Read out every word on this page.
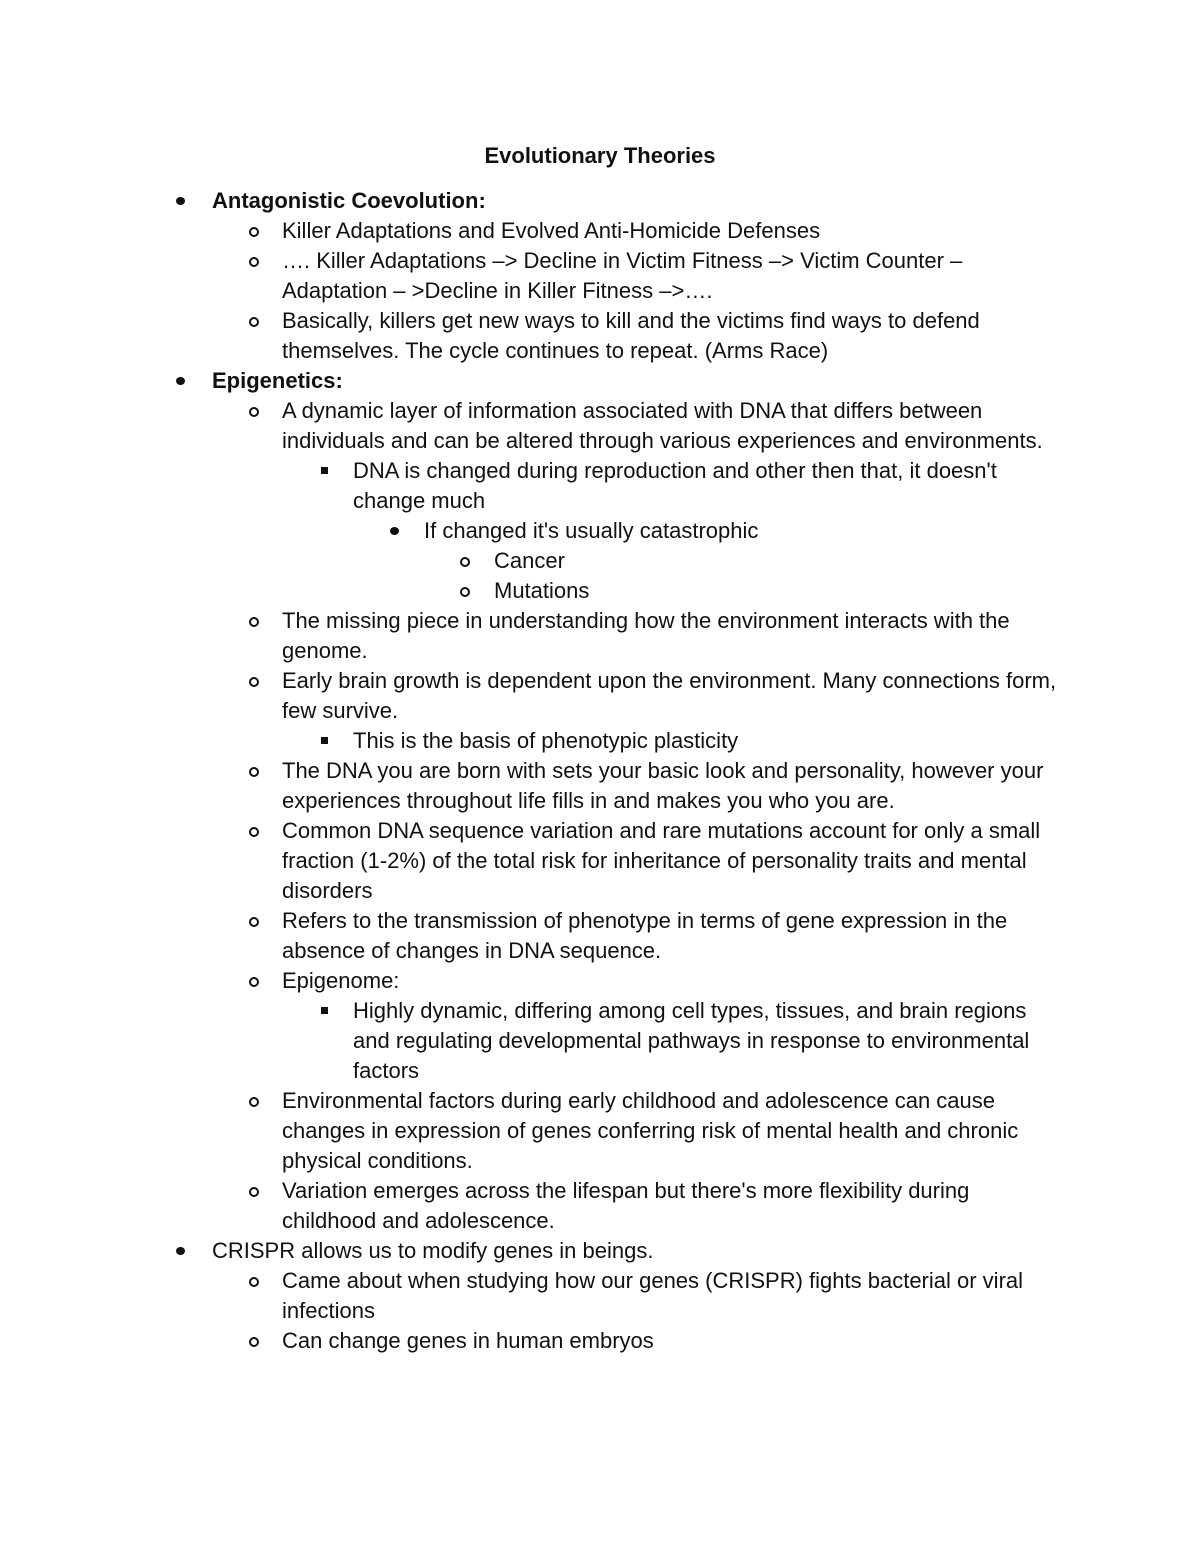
Evolutionary Theories
Antagonistic Coevolution:
Killer Adaptations and Evolved Anti-Homicide Defenses
…. Killer Adaptations –> Decline in Victim Fitness –> Victim Counter – Adaptation – >Decline in Killer Fitness –>….
Basically, killers get new ways to kill and the victims find ways to defend themselves. The cycle continues to repeat. (Arms Race)
Epigenetics:
A dynamic layer of information associated with DNA that differs between individuals and can be altered through various experiences and environments.
DNA is changed during reproduction and other then that, it doesn't change much
If changed it's usually catastrophic
Cancer
Mutations
The missing piece in understanding how the environment interacts with the genome.
Early brain growth is dependent upon the environment. Many connections form, few survive.
This is the basis of phenotypic plasticity
The DNA you are born with sets your basic look and personality, however your experiences throughout life fills in and makes you who you are.
Common DNA sequence variation and rare mutations account for only a small fraction (1-2%) of the total risk for inheritance of personality traits and mental disorders
Refers to the transmission of phenotype in terms of gene expression in the absence of changes in DNA sequence.
Epigenome:
Highly dynamic, differing among cell types, tissues, and brain regions and regulating developmental pathways in response to environmental factors
Environmental factors during early childhood and adolescence can cause changes in expression of genes conferring risk of mental health and chronic physical conditions.
Variation emerges across the lifespan but there's more flexibility during childhood and adolescence.
CRISPR allows us to modify genes in beings.
Came about when studying how our genes (CRISPR) fights bacterial or viral infections
Can change genes in human embryos
